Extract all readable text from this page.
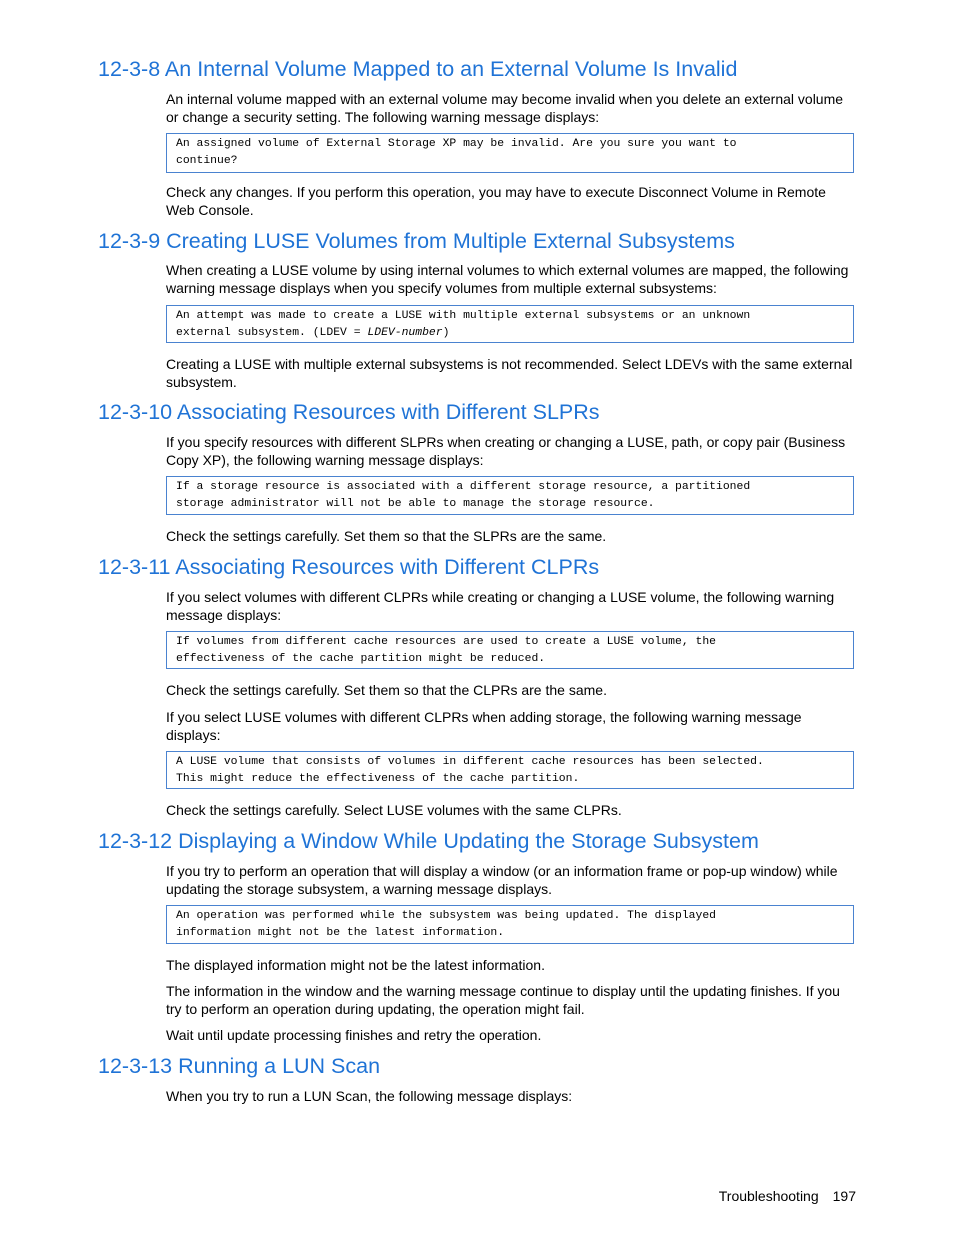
12-3-8 An Internal Volume Mapped to an External Volume Is Invalid

An internal volume mapped with an external volume may become invalid when you delete an external volume or change a security setting. The following warning message displays:

An assigned volume of External Storage XP may be invalid. Are you sure you want to
continue?

Check any changes. If you perform this operation, you may have to execute Disconnect Volume in Remote Web Console.

12-3-9 Creating LUSE Volumes from Multiple External Subsystems

When creating a LUSE volume by using internal volumes to which external volumes are mapped, the following warning message displays when you specify volumes from multiple external subsystems:

An attempt was made to create a LUSE with multiple external subsystems or an unknown
external subsystem. (LDEV = LDEV-number)

Creating a LUSE with multiple external subsystems is not recommended. Select LDEVs with the same external subsystem.

12-3-10 Associating Resources with Different SLPRs

If you specify resources with different SLPRs when creating or changing a LUSE, path, or copy pair (Business Copy XP), the following warning message displays:

If a storage resource is associated with a different storage resource, a partitioned
storage administrator will not be able to manage the storage resource.

Check the settings carefully. Set them so that the SLPRs are the same.

12-3-11 Associating Resources with Different CLPRs

If you select volumes with different CLPRs while creating or changing a LUSE volume, the following warning message displays:

If volumes from different cache resources are used to create a LUSE volume, the
effectiveness of the cache partition might be reduced.

Check the settings carefully. Set them so that the CLPRs are the same.

If you select LUSE volumes with different CLPRs when adding storage, the following warning message displays:

A LUSE volume that consists of volumes in different cache resources has been selected.
This might reduce the effectiveness of the cache partition.

Check the settings carefully. Select LUSE volumes with the same CLPRs.

12-3-12 Displaying a Window While Updating the Storage Subsystem

If you try to perform an operation that will display a window (or an information frame or pop-up window) while updating the storage subsystem, a warning message displays.

An operation was performed while the subsystem was being updated. The displayed
information might not be the latest information.

The displayed information might not be the latest information.

The information in the window and the warning message continue to display until the updating finishes. If you try to perform an operation during updating, the operation might fail.

Wait until update processing finishes and retry the operation.

12-3-13 Running a LUN Scan

When you try to run a LUN Scan, the following message displays:

Troubleshooting 197
